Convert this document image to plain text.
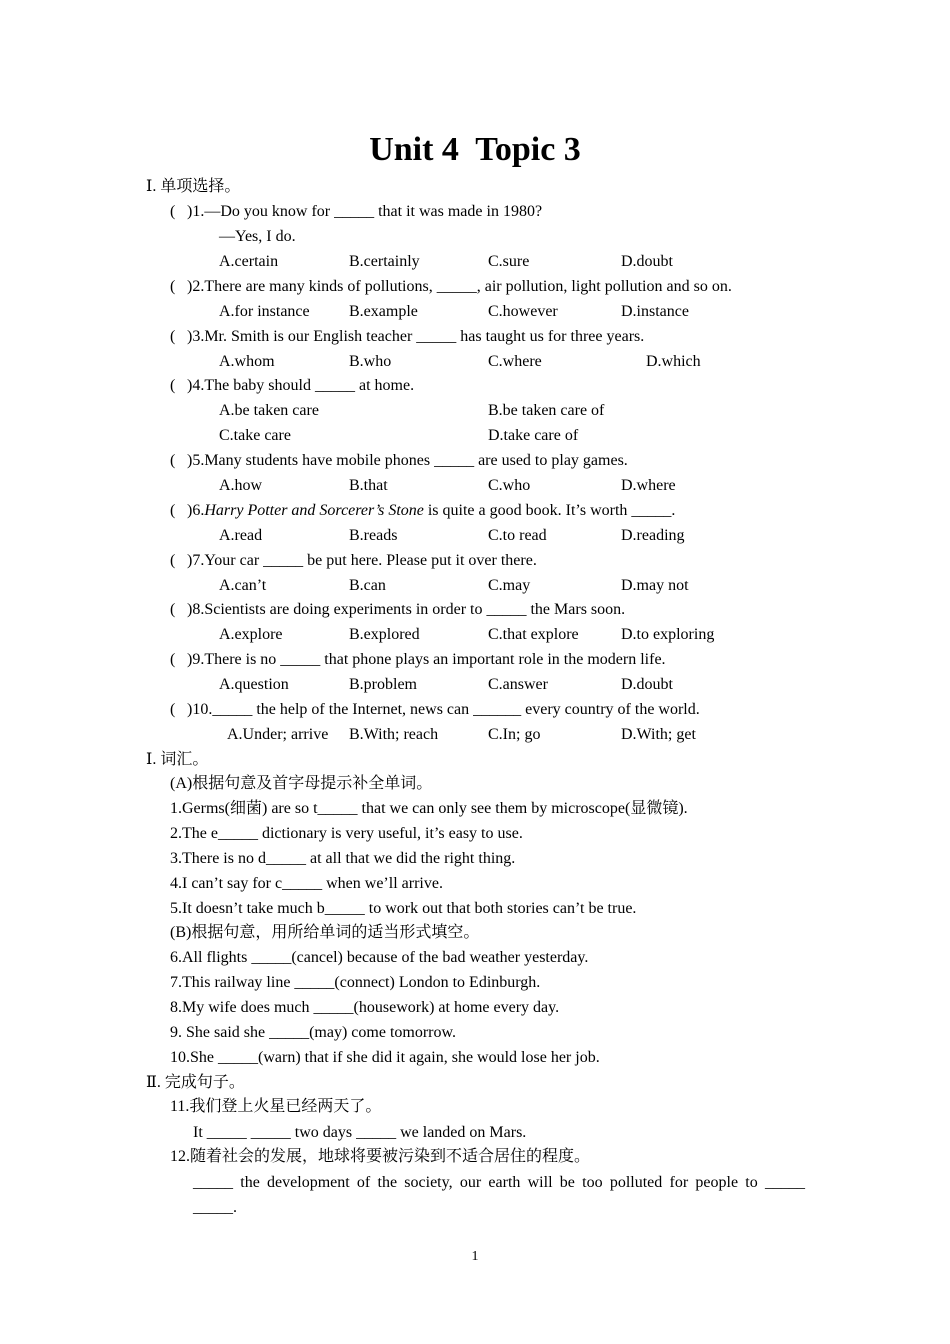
Unit 4  Topic 3
Ⅰ. 单项选择。
( )1.—Do you know for _____ that it was made in 1980?
—Yes, I do.

A.certain

	B.certainly

	C.sure

	D.doubt

( )2.There are many kinds of pollutions, _____, air pollution, light pollution and so on.

A.for instance

B.example

	C.however

	D.instance

( )3.Mr. Smith is our English teacher _____ has taught us for three years.

A.whom

	B.who

	C.where

	D.which

( )4.The baby should _____ at home.

A.be taken care

	B.be taken care of

C.take care

	D.take care of

( )5.Many students have mobile phones _____ are used to play games.

A.how

	B.that

	C.who

	D.where

( )6.Harry Potter and Sorcerer’s Stone is quite a good book. It’s worth _____.

A.read

	B.reads

	C.to read

	D.reading

( )7.Your car _____ be put here. Please put it over there.

A.can’t

	B.can

	C.may

	D.may not

( )8.Scientists are doing experiments in order to _____ the Mars soon.

A.explore

	B.explored

	C.that explore

	D.to exploring

( )9.There is no _____ that phone plays an important role in the modern life.

A.question

	B.problem

	C.answer

	D.doubt

( )10._____ the help of the Internet, news can ______ every country of the world.

A.Under; arrive

B.With; reach

	C.In; go

	D.With; get

Ⅰ. 词汇。
(A)根据句意及首字母提示补全单词。
1.Germs(细菌) are so t_____ that we can only see them by microscope(显微镜).
2.The e_____ dictionary is very useful, it’s easy to use.
3.There is no d_____ at all that we did the right thing.
4.I can’t say for c_____ when we’ll arrive.
5.It doesn’t take much b_____ to work out that both stories can’t be true.
(B)根据句意，用所给单词的适当形式填空。
6.All flights _____(cancel) because of the bad weather yesterday.
7.This railway line _____(connect) London to Edinburgh.
8.My wife does much _____(housework) at home every day.
9. She said she _____(may) come tomorrow.
10.She _____(warn) that if she did it again, she would lose her job.
Ⅱ. 完成句子。
11.我们登上火星已经两天了。
It _____ _____ two days _____ we landed on Mars.
12.随着社会的发展，地球将要被污染到不适合居住的程度。
_____ the development of the society, our earth will be too polluted for people to _____
_____.
1
